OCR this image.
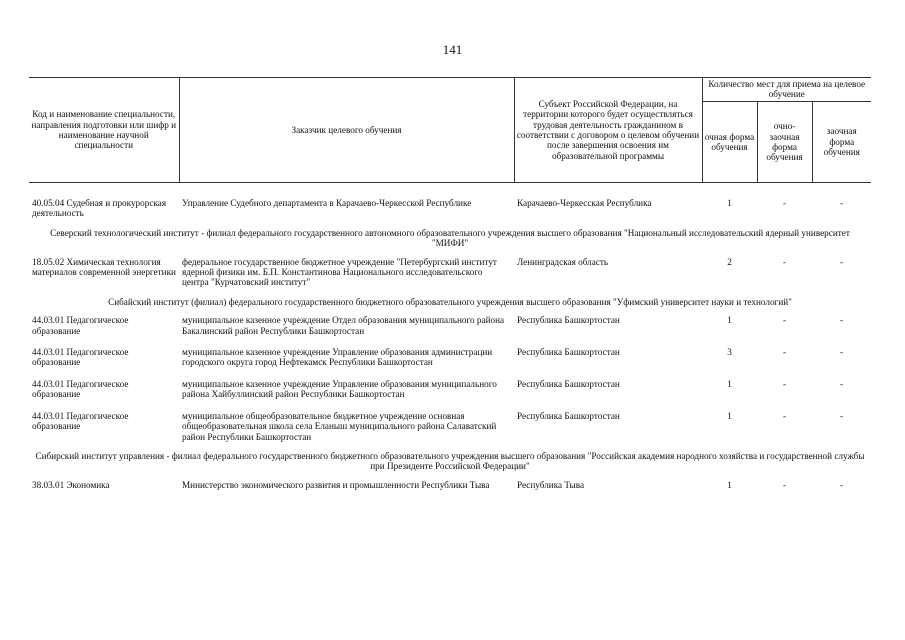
141
Код и наименование специальности, направления подготовки или шифр и наименование научной специальности	Заказчик целевого обучения	Субъект Российской Федерации, на территории которого будет осуществляться трудовая деятельность гражданином в соответствии с договором о целевом обучении после завершения освоения им образовательной программы	Количество мест для приема на целевое обучение		
			очная форма обучения	очно-заочная форма обучения	заочная форма обучения

40.05.04 Судебная и прокурорская деятельность	Управление Судебного департамента в Карачаево-Черкесской Республике	Карачаево-Черкесская Республика	1	-	-
Северский технологический институт - филиал федерального государственного автономного образовательного учреждения высшего образования "Национальный исследовательский ядерный университет "МИФИ"					
18.05.02 Химическая технология материалов современной энергетики	федеральное государственное бюджетное учреждение "Петербургский институт ядерной физики им. Б.П. Константинова Национального исследовательского центра "Курчатовский институт"	Ленинградская область	2	-	-
Сибайский институт (филиал) федерального государственного бюджетного образовательного учреждения высшего образования "Уфимский университет науки и технологий"					
44.03.01 Педагогическое образование	муниципальное казенное учреждение Отдел образования муниципального района Бакалинский район Республики Башкортостан	Республика Башкортостан	1	-	-
44.03.01 Педагогическое образование	муниципальное казенное учреждение Управление образования администрации городского округа город Нефтекамск Республики Башкортостан	Республика Башкортостан	3	-	-
44.03.01 Педагогическое образование	муниципальное казенное учреждение Управление образования муниципального района Хайбуллинский район Республики Башкортостан	Республика Башкортостан	1	-	-
44.03.01 Педагогическое образование	муниципальное общеобразовательное бюджетное учреждение основная общеобразовательная школа села Еланыш муниципального района Салаватский район Республики Башкортостан	Республика Башкортостан	1	-	-
Сибирский институт управления - филиал федерального государственного бюджетного образовательного учреждения высшего образования "Российская академия народного хозяйства и государственной службы при Президенте Российской Федерации"					
38.03.01 Экономика	Министерство экономического развития и промышленности Республики Тыва	Республика Тыва	1	-	-
